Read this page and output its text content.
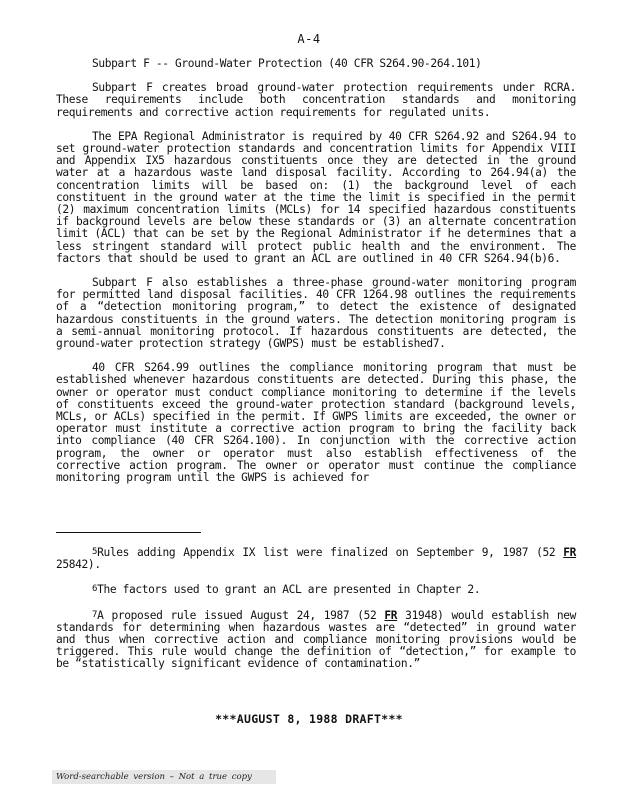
A-4

Subpart F -- Ground-Water Protection (40 CFR S264.90-264.101)

Subpart F creates broad ground-water protection requirements under RCRA. These requirements include both concentration standards and monitoring requirements and corrective action requirements for regulated units.

The EPA Regional Administrator is required by 40 CFR S264.92 and S264.94 to set ground-water protection standards and concentration limits for Appendix VIII and Appendix IX5 hazardous constituents once they are detected in the ground water at a hazardous waste land disposal facility. According to 264.94(a) the concentration limits will be based on: (1) the background level of each constituent in the ground water at the time the limit is specified in the permit (2) maximum concentration limits (MCLs) for 14 specified hazardous constituents if background levels are below these standards or (3) an alternate concentration limit (ACL) that can be set by the Regional Administrator if he determines that a less stringent standard will protect public health and the environment. The factors that should be used to grant an ACL are outlined in 40 CFR S264.94(b)6.

Subpart F also establishes a three-phase ground-water monitoring program for permitted land disposal facilities. 40 CFR 1264.98 outlines the requirements of a “detection monitoring program,” to detect the existence of designated hazardous constituents in the ground waters. The detection monitoring program is a semi-annual monitoring protocol. If hazardous constituents are detected, the ground-water protection strategy (GWPS) must be established7.

40 CFR S264.99 outlines the compliance monitoring program that must be established whenever hazardous constituents are detected. During this phase, the owner or operator must conduct compliance monitoring to determine if the levels of constituents exceed the ground-water protection standard (background levels, MCLs, or ACLs) specified in the permit. If GWPS limits are exceeded, the owner or operator must institute a corrective action program to bring the facility back into compliance (40 CFR S264.100). In conjunction with the corrective action program, the owner or operator must also establish effectiveness of the corrective action program. The owner or operator must continue the compliance monitoring program until the GWPS is achieved for

$^5$Rules adding Appendix IX list were finalized on September 9, 1987 (52 FR 25842).

$^6$The factors used to grant an ACL are presented in Chapter 2.

$^7$A proposed rule issued August 24, 1987 (52 FR 31948) would establish new standards for determining when hazardous wastes are “detected” in ground water and thus when corrective action and compliance monitoring provisions would be triggered. This rule would change the definition of “detection,” for example to be “statistically significant evidence of contamination.”

***AUGUST 8, 1988 DRAFT***
Word-searchable version – Not a true copy
